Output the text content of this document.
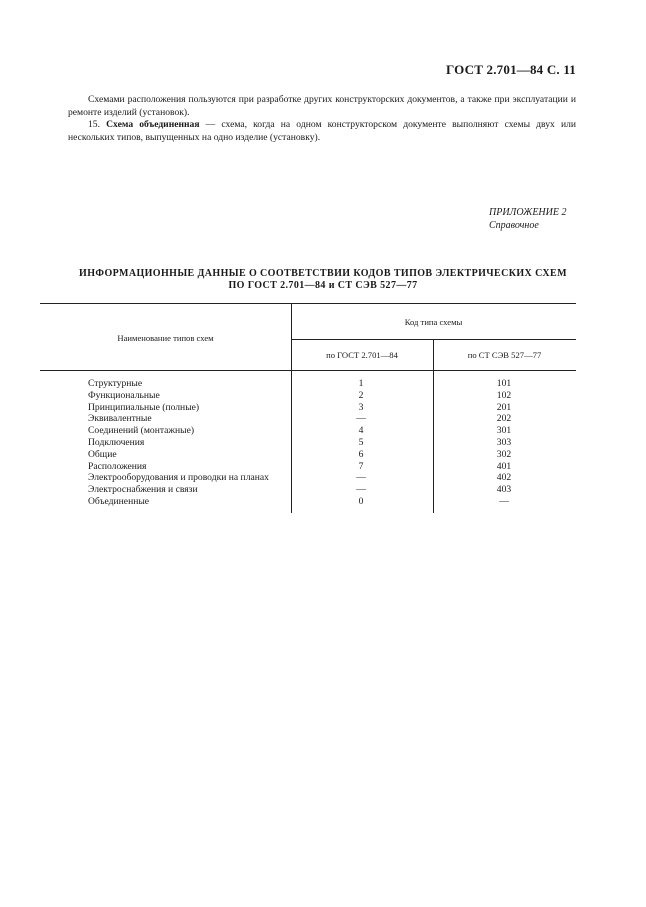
ГОСТ 2.701—84 С. 11
Схемами расположения пользуются при разработке других конструкторских документов, а также при эксплуатации и ремонте изделий (установок).
15. Схема объединенная — схема, когда на одном конструкторском документе выполняют схемы двух или нескольких типов, выпущенных на одно изделие (установку).
ПРИЛОЖЕНИЕ 2
Справочное
ИНФОРМАЦИОННЫЕ ДАННЫЕ О СООТВЕТСТВИИ КОДОВ ТИПОВ ЭЛЕКТРИЧЕСКИХ СХЕМ
ПО ГОСТ 2.701—84 и СТ СЭВ 527—77
Наименование типов схем
Код типа схемы
по ГОСТ 2.701—84	по СТ СЭВ 527—77
Структурные	1	101
Функциональные	2	102
Принципиальные (полные)	3	201
Эквивалентные	—	202
Соединений (монтажные)	4	301
Подключения	5	303
Общие	6	302
Расположения	7	401
Электрооборудования и проводки на планах	—	402
Электроснабжения и связи	—	403
Объединенные	0	—
